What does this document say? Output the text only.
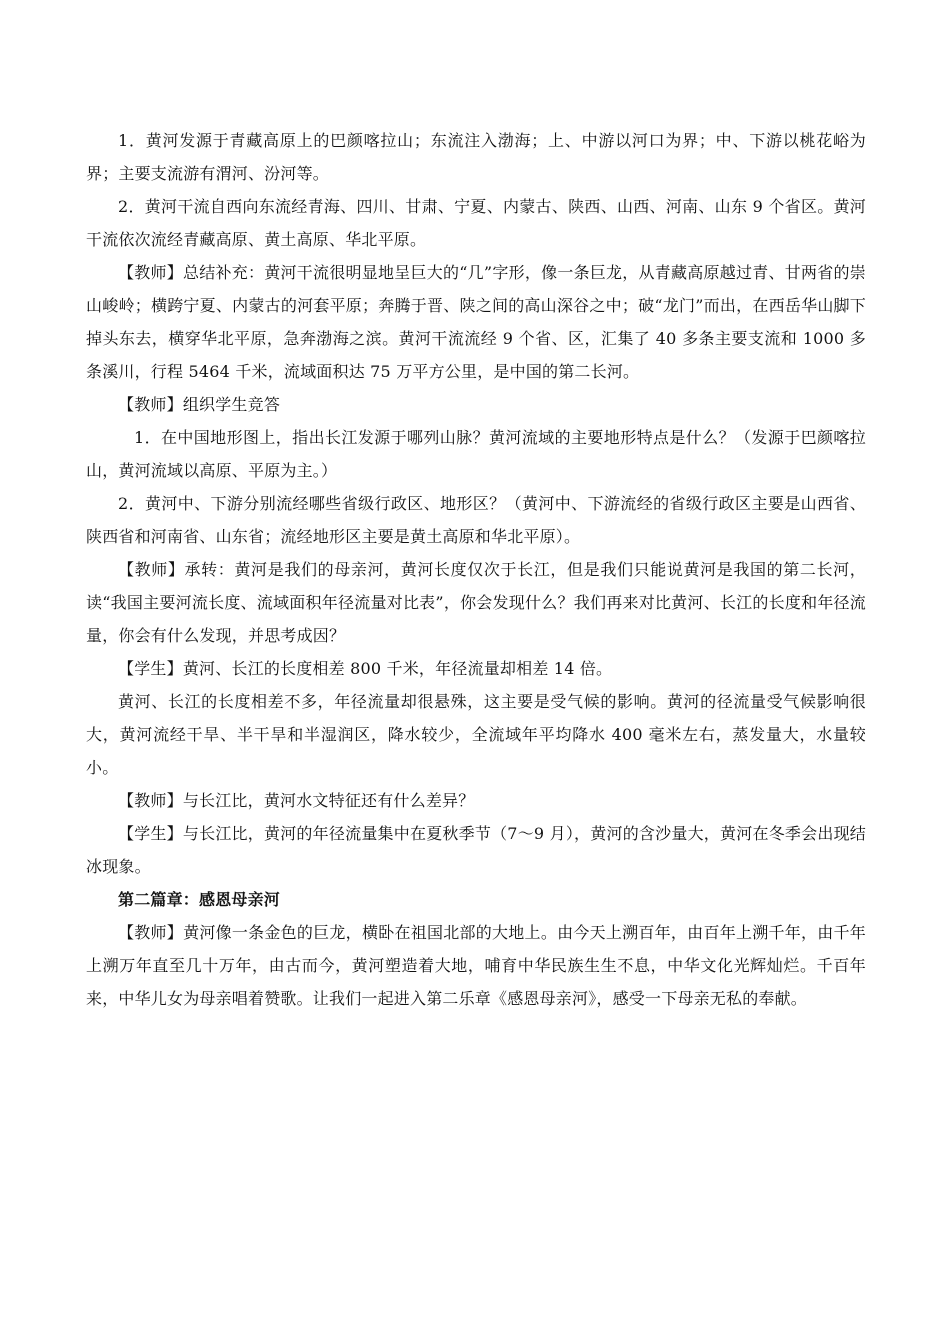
1．黄河发源于青藏高原上的巴颜喀拉山；东流注入渤海；上、中游以河口为界；中、下游以桃花峪为界；主要支流游有渭河、汾河等。

2．黄河干流自西向东流经青海、四川、甘肃、宁夏、内蒙古、陕西、山西、河南、山东 9 个省区。黄河干流依次流经青藏高原、黄土高原、华北平原。

【教师】总结补充：黄河干流很明显地呈巨大的“几”字形，像一条巨龙，从青藏高原越过青、甘两省的崇山峻岭；横跨宁夏、内蒙古的河套平原；奔腾于晋、陕之间的高山深谷之中；破“龙门”而出，在西岳华山脚下掉头东去，横穿华北平原，急奔渤海之滨。黄河干流流经 9 个省、区，汇集了 40 多条主要支流和 1000 多条溪川，行程 5464 千米，流域面积达 75 万平方公里，是中国的第二长河。

【教师】组织学生竞答

1．在中国地形图上，指出长江发源于哪列山脉？黄河流域的主要地形特点是什么？（发源于巴颜喀拉山，黄河流域以高原、平原为主。）

2．黄河中、下游分别流经哪些省级行政区、地形区？（黄河中、下游流经的省级行政区主要是山西省、陕西省和河南省、山东省；流经地形区主要是黄土高原和华北平原）。

【教师】承转：黄河是我们的母亲河，黄河长度仅次于长江，但是我们只能说黄河是我国的第二长河，读“我国主要河流长度、流域面积年径流量对比表”，你会发现什么？我们再来对比黄河、长江的长度和年径流量，你会有什么发现，并思考成因？

【学生】黄河、长江的长度相差 800 千米，年径流量却相差 14 倍。

黄河、长江的长度相差不多，年径流量却很悬殊，这主要是受气候的影响。黄河的径流量受气候影响很大，黄河流经干旱、半干旱和半湿润区，降水较少，全流域年平均降水 400 毫米左右，蒸发量大，水量较小。

【教师】与长江比，黄河水文特征还有什么差异？

【学生】与长江比，黄河的年径流量集中在夏秋季节（7～9 月），黄河的含沙量大，黄河在冬季会出现结冰现象。

第二篇章：感恩母亲河

【教师】黄河像一条金色的巨龙，横卧在祖国北部的大地上。由今天上溯百年，由百年上溯千年，由千年上溯万年直至几十万年，由古而今，黄河塑造着大地，哺育中华民族生生不息，中华文化光辉灿烂。千百年来，中华儿女为母亲唱着赞歌。让我们一起进入第二乐章《感恩母亲河》，感受一下母亲无私的奉献。
